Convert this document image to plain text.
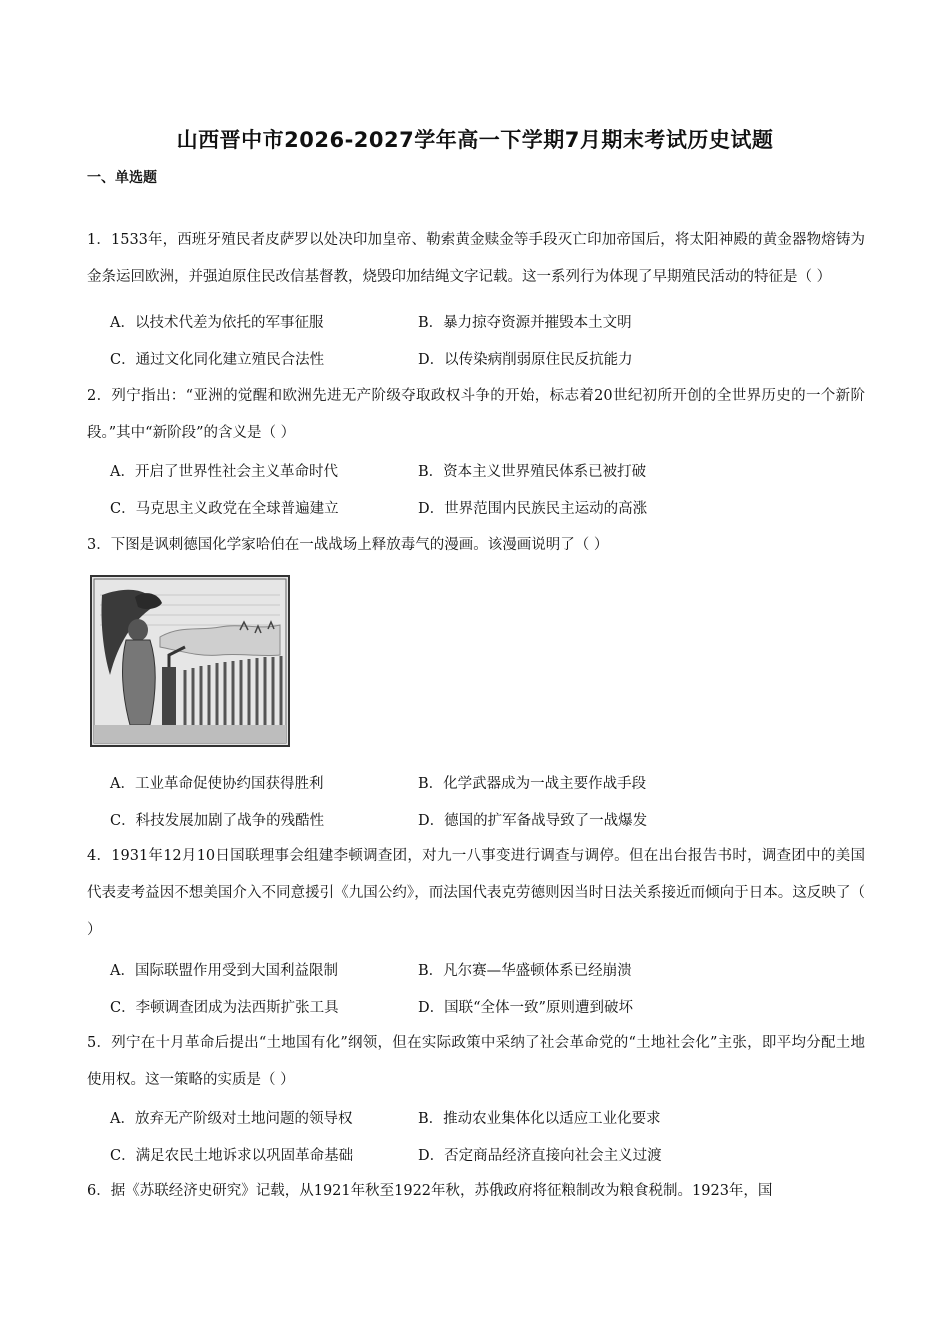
山西晋中市2026-2027学年高一下学期7月期末考试历史试题
一、单选题
1．1533年，西班牙殖民者皮萨罗以处决印加皇帝、勒索黄金赎金等手段灭亡印加帝国后，将太阳神殿的黄金器物熔铸为金条运回欧洲，并强迫原住民改信基督教，烧毁印加结绳文字记载。这一系列行为体现了早期殖民活动的特征是（ ）
A．以技术代差为依托的军事征服	B．暴力掠夺资源并摧毁本土文明
C．通过文化同化建立殖民合法性	D．以传染病削弱原住民反抗能力
2．列宁指出：“亚洲的觉醒和欧洲先进无产阶级夺取政权斗争的开始，标志着20世纪初所开创的全世界历史的一个新阶段。”其中“新阶段”的含义是（ ）
A．开启了世界性社会主义革命时代	B．资本主义世界殖民体系已被打破
C．马克思主义政党在全球普遍建立	D．世界范围内民族民主运动的高涨
3．下图是讽刺德国化学家哈伯在一战战场上释放毒气的漫画。该漫画说明了（ ）
A．工业革命促使协约国获得胜利	B．化学武器成为一战主要作战手段
C．科技发展加剧了战争的残酷性	D．德国的扩军备战导致了一战爆发
4．1931年12月10日国联理事会组建李顿调查团，对九一八事变进行调查与调停。但在出台报告书时，调查团中的美国代表麦考益因不想美国介入不同意援引《九国公约》，而法国代表克劳德则因当时日法关系接近而倾向于日本。这反映了（ ）
A．国际联盟作用受到大国利益限制	B．凡尔赛—华盛顿体系已经崩溃
C．李顿调查团成为法西斯扩张工具	D．国联“全体一致”原则遭到破坏
5．列宁在十月革命后提出“土地国有化”纲领，但在实际政策中采纳了社会革命党的“土地社会化”主张，即平均分配土地使用权。这一策略的实质是（ ）
A．放弃无产阶级对土地问题的领导权	B．推动农业集体化以适应工业化要求
C．满足农民土地诉求以巩固革命基础	D．否定商品经济直接向社会主义过渡
6．据《苏联经济史研究》记载，从1921年秋至1922年秋，苏俄政府将征粮制改为粮食税制。1923年，国
